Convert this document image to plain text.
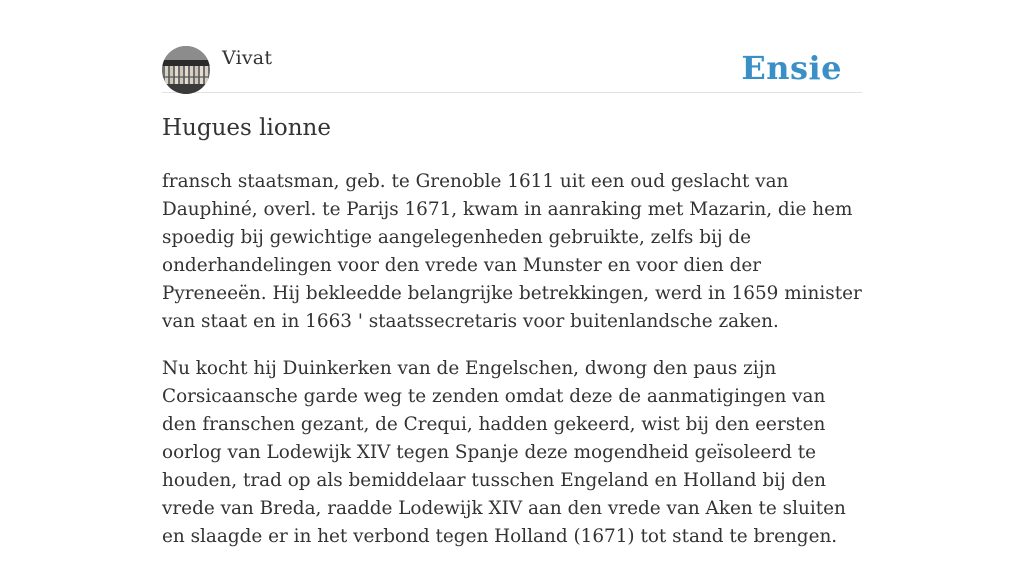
Vivat	Ensie
Hugues lionne

fransch staatsman, geb. te Grenoble 1611 uit een oud geslacht van Dauphiné, overl. te Parijs 1671, kwam in aanraking met Mazarin, die hem spoedig bij gewichtige aangelegenheden gebruikte, zelfs bij de onderhandelingen voor den vrede van Munster en voor dien der Pyreneeën. Hij bekleedde belangrijke betrekkingen, werd in 1659 minister van staat en in 1663 ' staatssecretaris voor buitenlandsche zaken.

Nu kocht hij Duinkerken van de Engelschen, dwong den paus zijn Corsicaansche garde weg te zenden omdat deze de aanmatigingen van den franschen gezant, de Crequi, hadden gekeerd, wist bij den eersten oorlog van Lodewijk XIV tegen Spanje deze mogendheid geïsoleerd te houden, trad op als bemiddelaar tusschen Engeland en Holland bij den vrede van Breda, raadde Lodewijk XIV aan den vrede van Aken te sluiten en slaagde er in het verbond tegen Holland (1671) tot stand te brengen.
